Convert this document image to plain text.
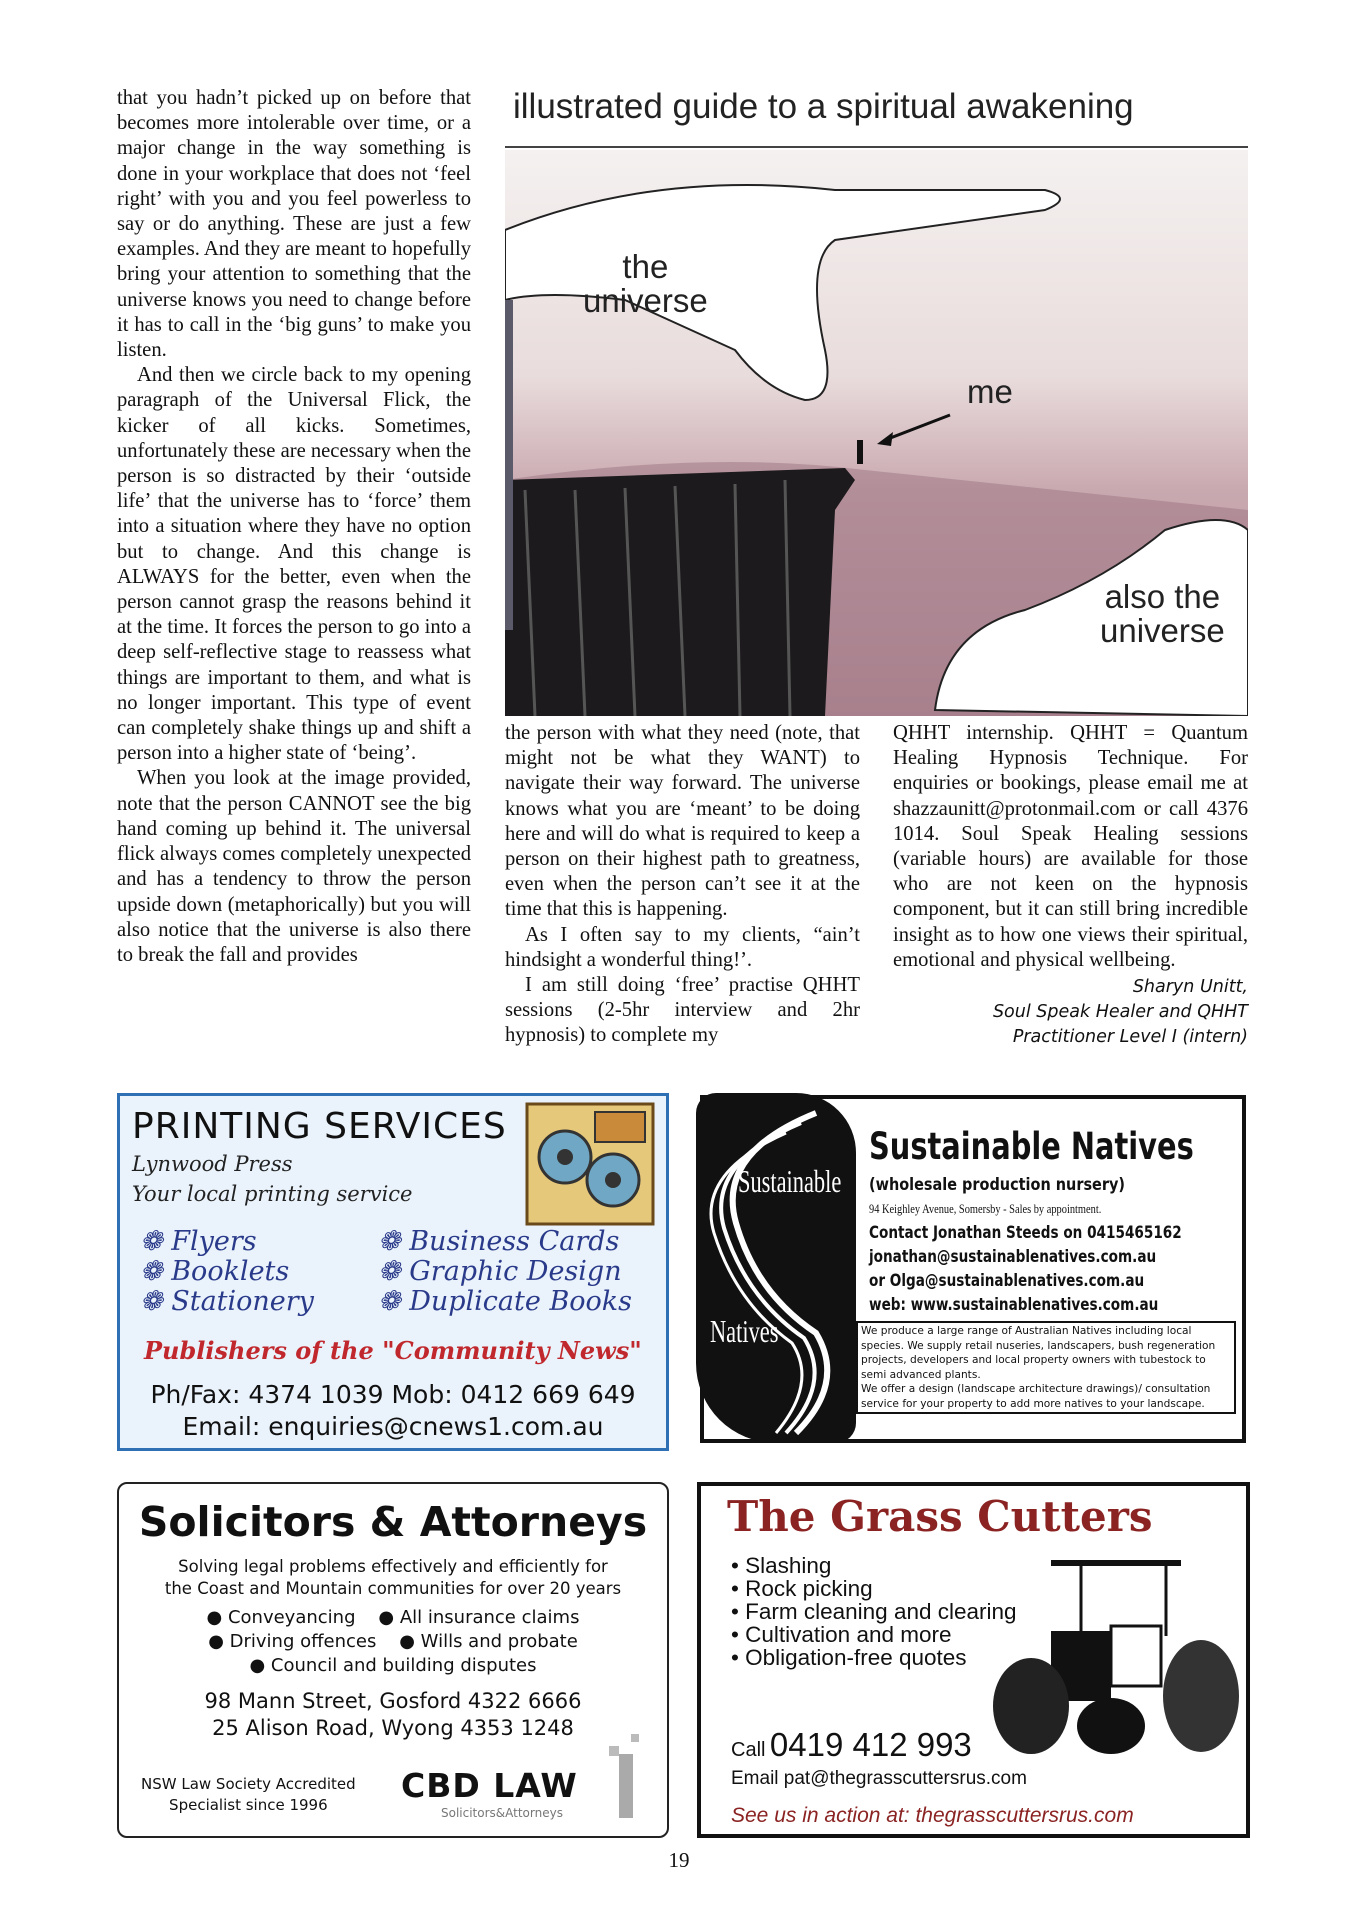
that you hadn’t picked up on before that becomes more intolerable over time, or a major change in the way something is done in your workplace that does not ‘feel right’ with you and you feel powerless to say or do anything. These are just a few examples. And they are meant to hopefully bring your attention to something that the universe knows you need to change before it has to call in the ‘big guns’ to make you listen.

And then we circle back to my opening paragraph of the Universal Flick, the kicker of all kicks. Sometimes, unfortunately these are necessary when the person is so distracted by their ‘outside life’ that the universe has to ‘force’ them into a situation where they have no option but to change. And this change is ALWAYS for the better, even when the person cannot grasp the reasons behind it at the time. It forces the person to go into a deep self-reflective stage to reassess what things are important to them, and what is no longer important. This type of event can completely shake things up and shift a person into a higher state of ‘being’.

When you look at the image provided, note that the person CANNOT see the big hand coming up behind it. The universal flick always comes completely unexpected and has a tendency to throw the person upside down (metaphorically) but you will also notice that the universe is also there to break the fall and provides

illustrated guide to a spiritual awakening
the
universe
me
also the
universe

the person with what they need (note, that might not be what they WANT) to navigate their way forward. The universe knows what you are ‘meant’ to be doing here and will do what is required to keep a person on their highest path to greatness, even when the person can’t see it at the time that this is happening.

As I often say to my clients, “ain’t hindsight a wonderful thing!’.

I am still doing ‘free’ practise QHHT sessions (2-5hr interview and 2hr hypnosis) to complete my

QHHT internship. QHHT = Quantum Healing Hypnosis Technique. For enquiries or bookings, please email me at shazzaunitt@protonmail.com or call 4376 1014. Soul Speak Healing sessions (variable hours) are available for those who are not keen on the hypnosis component, but it can still bring incredible insight as to how one views their spiritual, emotional and physical wellbeing.

Sharyn Unitt,
Soul Speak Healer and QHHT
Practitioner Level I (intern)
PRINTING SERVICES
Lynwood Press
Your local printing service
❁ Flyers
❁ Booklets
❁ Stationery
❁ Business Cards
❁ Graphic Design
❁ Duplicate Books
Publishers of the "Community News"
Ph/Fax: 4374 1039 Mob: 0412 669 649
Email: enquiries@cnews1.com.au
Sustainable
Natives
Sustainable Natives
(wholesale production nursery)
94 Keighley Avenue, Somersby - Sales by appointment.
Contact Jonathan Steeds on 0415465162
jonathan@sustainablenatives.com.au
or Olga@sustainablenatives.com.au
web: www.sustainablenatives.com.au
We produce a large range of Australian Natives including local species. We supply retail nuseries, landscapers, bush regeneration projects, developers and local property owners with tubestock to semi advanced plants.
We offer a design (landscape architecture drawings)/ consultation service for your property to add more natives to your landscape.
Solicitors & Attorneys
Solving legal problems effectively and efficiently for
the Coast and Mountain communities for over 20 years
● Conveyancing    ● All insurance claims
● Driving offences    ● Wills and probate
● Council and building disputes
98 Mann Street, Gosford 4322 6666
25 Alison Road, Wyong 4353 1248
NSW Law Society Accredited
Specialist since 1996	CBD LAW
Solicitors&Attorneys
The Grass Cutters
• Slashing
• Rock picking
• Farm cleaning and clearing
• Cultivation and more
• Obligation-free quotes
Call 0419 412 993
Email pat@thegrasscuttersrus.com
See us in action at: thegrasscuttersrus.com
19
